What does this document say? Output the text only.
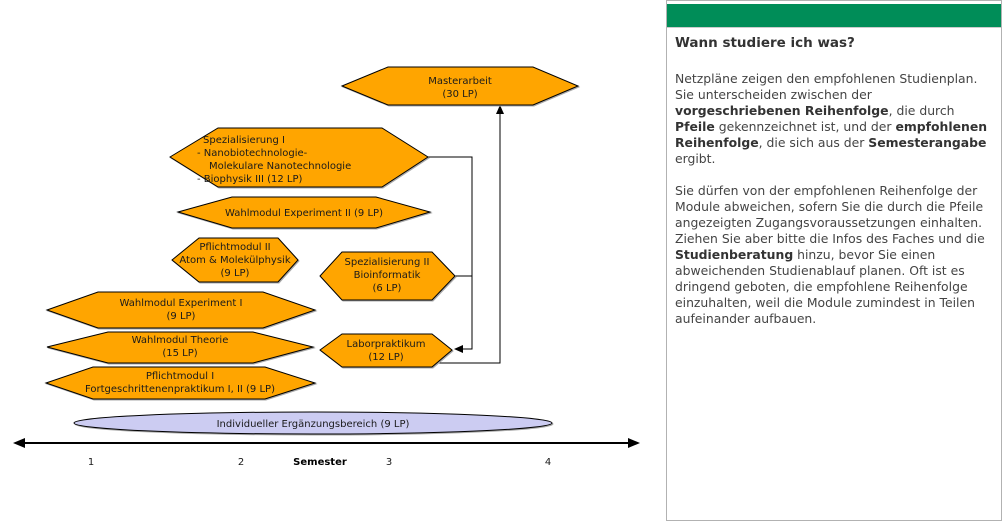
Masterarbeit
(30 LP)
Spezialisierung I
- Nanobiotechnologie-
Molekulare Nanotechnologie
- Biophysik III (12 LP)
Wahlmodul Experiment II (9 LP)
Pflichtmodul II
Atom & Molekülphysik
(9 LP)
Spezialisierung II
Bioinformatik
(6 LP)
Wahlmodul Experiment I
(9 LP)
Wahlmodul Theorie
(15 LP)
Laborpraktikum
(12 LP)
Pflichtmodul I
Fortgeschrittenenpraktikum I, II (9 LP)
Individueller Ergänzungsbereich (9 LP)
1	2	Semester	3	4
Wann studiere ich was?

Netzpläne zeigen den empfohlenen Studienplan. Sie unterscheiden zwischen der vorgeschriebenen Reihenfolge, die durch Pfeile gekennzeichnet ist, und der empfohlenen Reihenfolge, die sich aus der Semesterangabe ergibt.

Sie dürfen von der empfohlenen Reihenfolge der Module abweichen, sofern Sie die durch die Pfeile angezeigten Zugangsvoraussetzungen einhalten. Ziehen Sie aber bitte die Infos des Faches und die Studienberatung hinzu, bevor Sie einen abweichenden Studienablauf planen. Oft ist es dringend geboten, die empfohlene Reihenfolge einzuhalten, weil die Module zumindest in Teilen aufeinander aufbauen.
